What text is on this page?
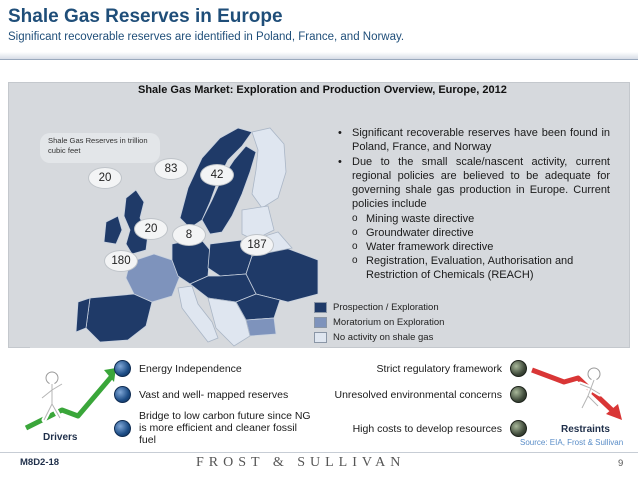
Shale Gas Reserves in Europe
Significant recoverable reserves are identified in Poland, France, and Norway.
Shale Gas Market: Exploration and Production Overview, Europe, 2012
Shale Gas Reserves in trillion cubic feet
20
83	42
20	8
187
180
• Significant recoverable reserves have been found in Poland, France, and Norway
• Due to the small scale/nascent activity, current regional policies are believed to be adequate for governing shale gas production in Europe. Current policies include
o Mining waste directive
o Groundwater directive
o Water framework directive
o Registration, Evaluation, Authorisation and Restriction of Chemicals (REACH)
Prospection / Exploration
Moratorium on Exploration
No activity on shale gas
Drivers
Energy Independence
Vast and well- mapped reserves
Bridge to low carbon future since NG is more efficient and cleaner fossil fuel
Strict regulatory framework
Unresolved environmental concerns
High costs to develop resources	Restraints
Source: EIA, Frost & Sullivan
M8D2-18	FROST & SULLIVAN	9
